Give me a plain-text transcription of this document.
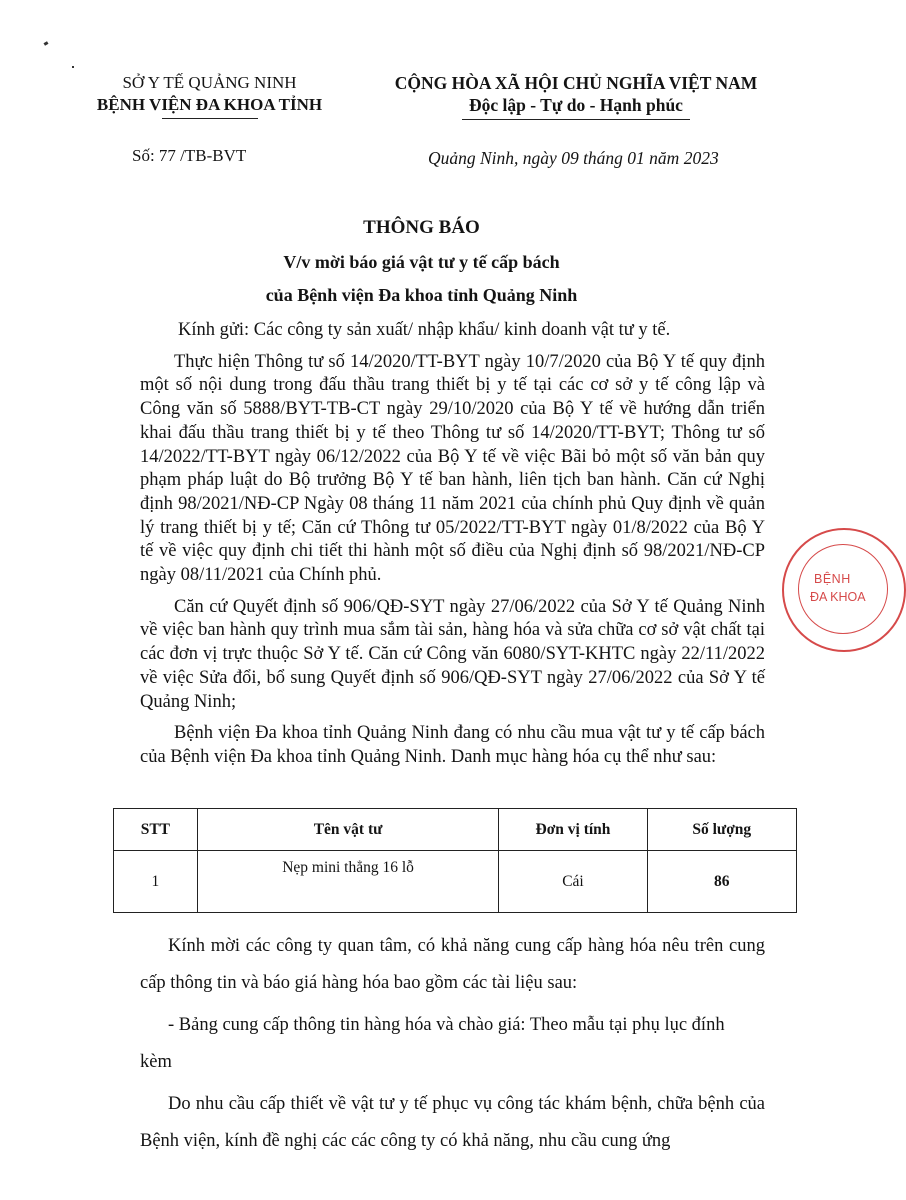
SỞ Y TẾ QUẢNG NINH
BỆNH VIỆN ĐA KHOA TỈNH
CỘNG HÒA XÃ HỘI CHỦ NGHĨA VIỆT NAM
Độc lập - Tự do - Hạnh phúc
Số: 77 /TB-BVT	Quảng Ninh, ngày 09 tháng 01 năm 2023
THÔNG BÁO
V/v mời báo giá vật tư y tế cấp bách
của Bệnh viện Đa khoa tỉnh Quảng Ninh

Kính gửi: Các công ty sản xuất/ nhập khẩu/ kinh doanh vật tư y tế.

Thực hiện Thông tư số 14/2020/TT-BYT ngày 10/7/2020 của Bộ Y tế quy định một số nội dung trong đấu thầu trang thiết bị y tế tại các cơ sở y tế công lập và Công văn số 5888/BYT-TB-CT ngày 29/10/2020 của Bộ Y tế về hướng dẫn triển khai đấu thầu trang thiết bị y tế theo Thông tư số 14/2020/TT-BYT; Thông tư số 14/2022/TT-BYT ngày 06/12/2022 của Bộ Y tế về việc Bãi bỏ một số văn bản quy phạm pháp luật do Bộ trưởng Bộ Y tế ban hành, liên tịch ban hành. Căn cứ Nghị định 98/2021/NĐ-CP Ngày 08 tháng 11 năm 2021 của chính phủ Quy định về quản lý trang thiết bị y tế; Căn cứ Thông tư 05/2022/TT-BYT ngày 01/8/2022 của Bộ Y tế về việc quy định chi tiết thi hành một số điều của Nghị định số 98/2021/NĐ-CP ngày 08/11/2021 của Chính phủ.

Căn cứ Quyết định số 906/QĐ-SYT ngày 27/06/2022 của Sở Y tế Quảng Ninh về việc ban hành quy trình mua sắm tài sản, hàng hóa và sửa chữa cơ sở vật chất tại các đơn vị trực thuộc Sở Y tế. Căn cứ Công văn 6080/SYT-KHTC ngày 22/11/2022 về việc Sửa đổi, bổ sung Quyết định số 906/QĐ-SYT ngày 27/06/2022 của Sở Y tế Quảng Ninh;

Bệnh viện Đa khoa tỉnh Quảng Ninh đang có nhu cầu mua vật tư y tế cấp bách của Bệnh viện Đa khoa tỉnh Quảng Ninh. Danh mục hàng hóa cụ thể như sau:

STT	Tên vật tư	Đơn vị tính	Số lượng
1	Nẹp mini thẳng 16 lỗ	Cái	86

Kính mời các công ty quan tâm, có khả năng cung cấp hàng hóa nêu trên cung cấp thông tin và báo giá hàng hóa bao gồm các tài liệu sau:

- Bảng cung cấp thông tin hàng hóa và chào giá: Theo mẫu tại phụ lục đính

kèm

Do nhu cầu cấp thiết về vật tư y tế phục vụ công tác khám bệnh, chữa bệnh của Bệnh viện, kính đề nghị các các công ty có khả năng, nhu cầu cung ứng

BỆNH
ĐA KHOA
